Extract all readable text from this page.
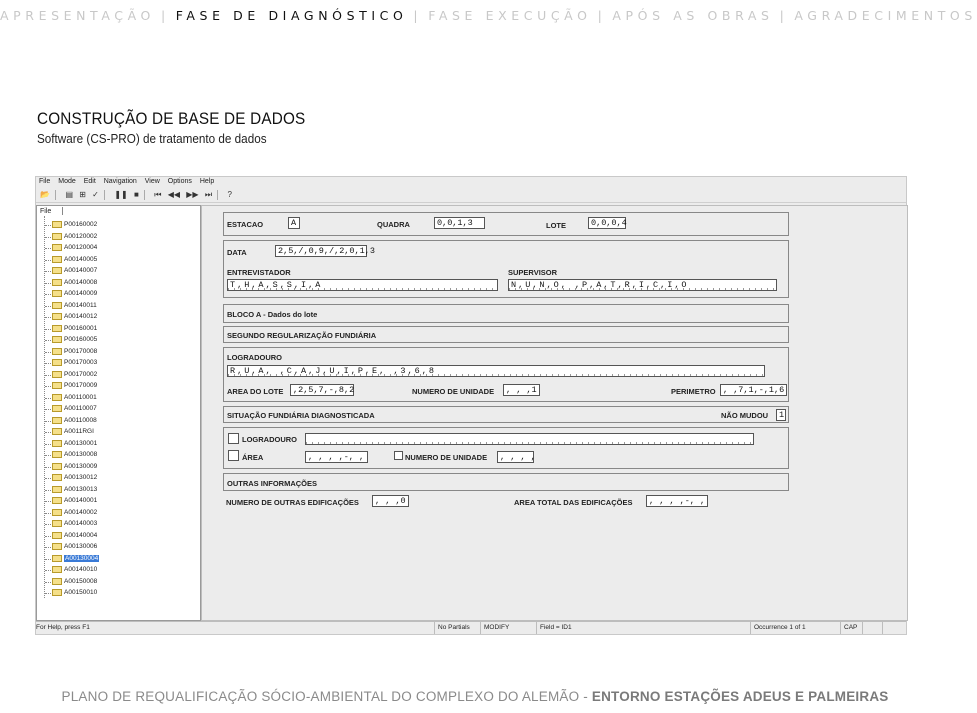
APRESENTAÇÃO | FASE DE DIAGNÓSTICO | FASE EXECUÇÃO | APÓS AS OBRAS | AGRADECIMENTOS
CONSTRUÇÃO DE BASE DE DADOS
Software (CS-PRO) de tratamento de dados
File Mode Edit Navigation View Options Help
📂 ▤ ⊞ ✓ ❚❚ ■ ⏮ ◀◀ ▶▶ ⏭ ?
File
P00160002
A00120002
A00120004
A00140005
A00140007
A00140008
A00140009
A00140011
A00140012
P00160001
P00160005
P00170008
P00170003
P00170002
P00170009
A00110001
A00110007
A00110008
A0011RGI
A00130001
A00130008
A00130009
A00130012
A00130013
A00140001
A00140002
A00140003
A00140004
A00130006
A00130004
A00140010
A00150008
A00150010
ESTACAO	A	QUADRA	0,0,1,3	LOTE	0,0,0,4
DATA	2,5,/,0,9,/,2,0,1,3
ENTREVISTADOR
T,H,A,S,S,I,A
SUPERVISOR
N,U,N,O, ,P,A,T,R,I,C,I,O
BLOCO A - Dados do lote
SEGUNDO REGULARIZAÇÃO FUNDIÁRIA
LOGRADOURO
R,U,A, ,C,A,J,U,I,P,E, ,3,6,8
AREA DO LOTE	,2,5,7,-,8,2	NUMERO DE UNIDADE	, , ,1	PERIMETRO , ,7,1,-,1,6
SITUAÇÃO FUNDIÁRIA DIAGNOSTICADA	NÃO MUDOU	1
LOGRADOURO
ÁREA	, , , ,-, ,	NUMERO DE UNIDADE	, , , ,
OUTRAS INFORMAÇÕES
NUMERO DE OUTRAS EDIFICAÇÕES	, , ,0	AREA TOTAL DAS EDIFICAÇÕES	, , , ,-, ,
For Help, press F1	No Partials	MODIFY	Field = ID1	Occurrence 1 of 1	CAP
PLANO DE REQUALIFICAÇÃO SÓCIO-AMBIENTAL DO COMPLEXO DO ALEMÃO - ENTORNO ESTAÇÕES ADEUS E PALMEIRAS
